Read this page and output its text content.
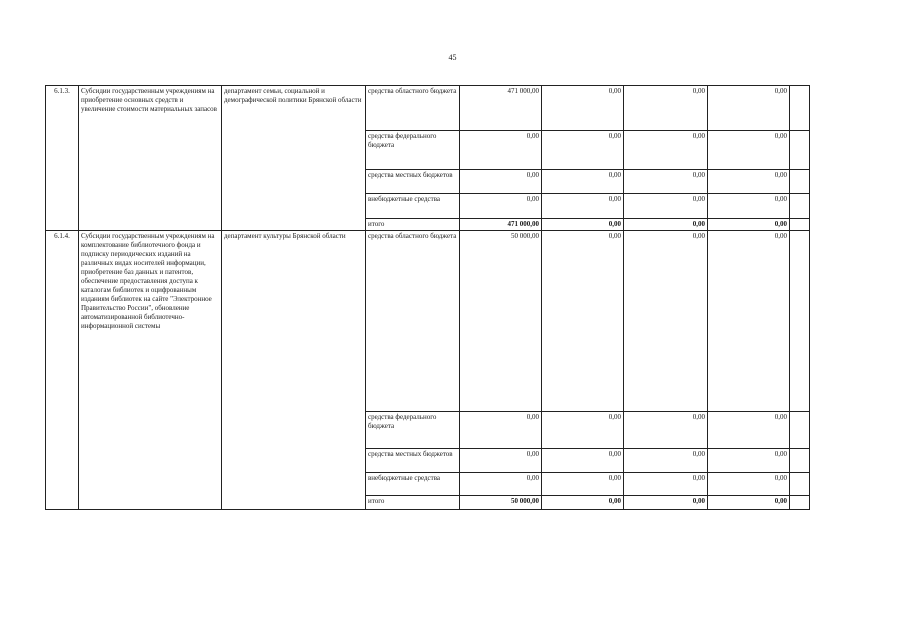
45
6.1.3.	Субсидии государственным учреждениям на приобретение основных средств и увеличение стоимости материальных запасов	департамент семьи, социальной и демографической политики Брянской области	средства областного бюджета	471 000,00	0,00	0,00	0,00	
			средства федерального бюджета	0,00	0,00	0,00	0,00	
			средства местных бюджетов	0,00	0,00	0,00	0,00	
			внебюджетные средства	0,00	0,00	0,00	0,00	
			итого	471 000,00	0,00	0,00	0,00	
6.1.4.	Субсидии государственным учреждениям на комплектование библиотечного фонда и подписку периодических изданий на различных видах носителей информации, приобретение баз данных и патентов, обеспечение предоставления доступа к каталогам библиотек и оцифрованным изданиям библиотек на сайте "Электронное Правительство России", обновление автоматизированной библиотечно-информационной системы	департамент культуры Брянской области	средства областного бюджета	50 000,00	0,00	0,00	0,00	
			средства федерального бюджета	0,00	0,00	0,00	0,00	
			средства местных бюджетов	0,00	0,00	0,00	0,00	
			внебюджетные средства	0,00	0,00	0,00	0,00	
			итого	50 000,00	0,00	0,00	0,00	
